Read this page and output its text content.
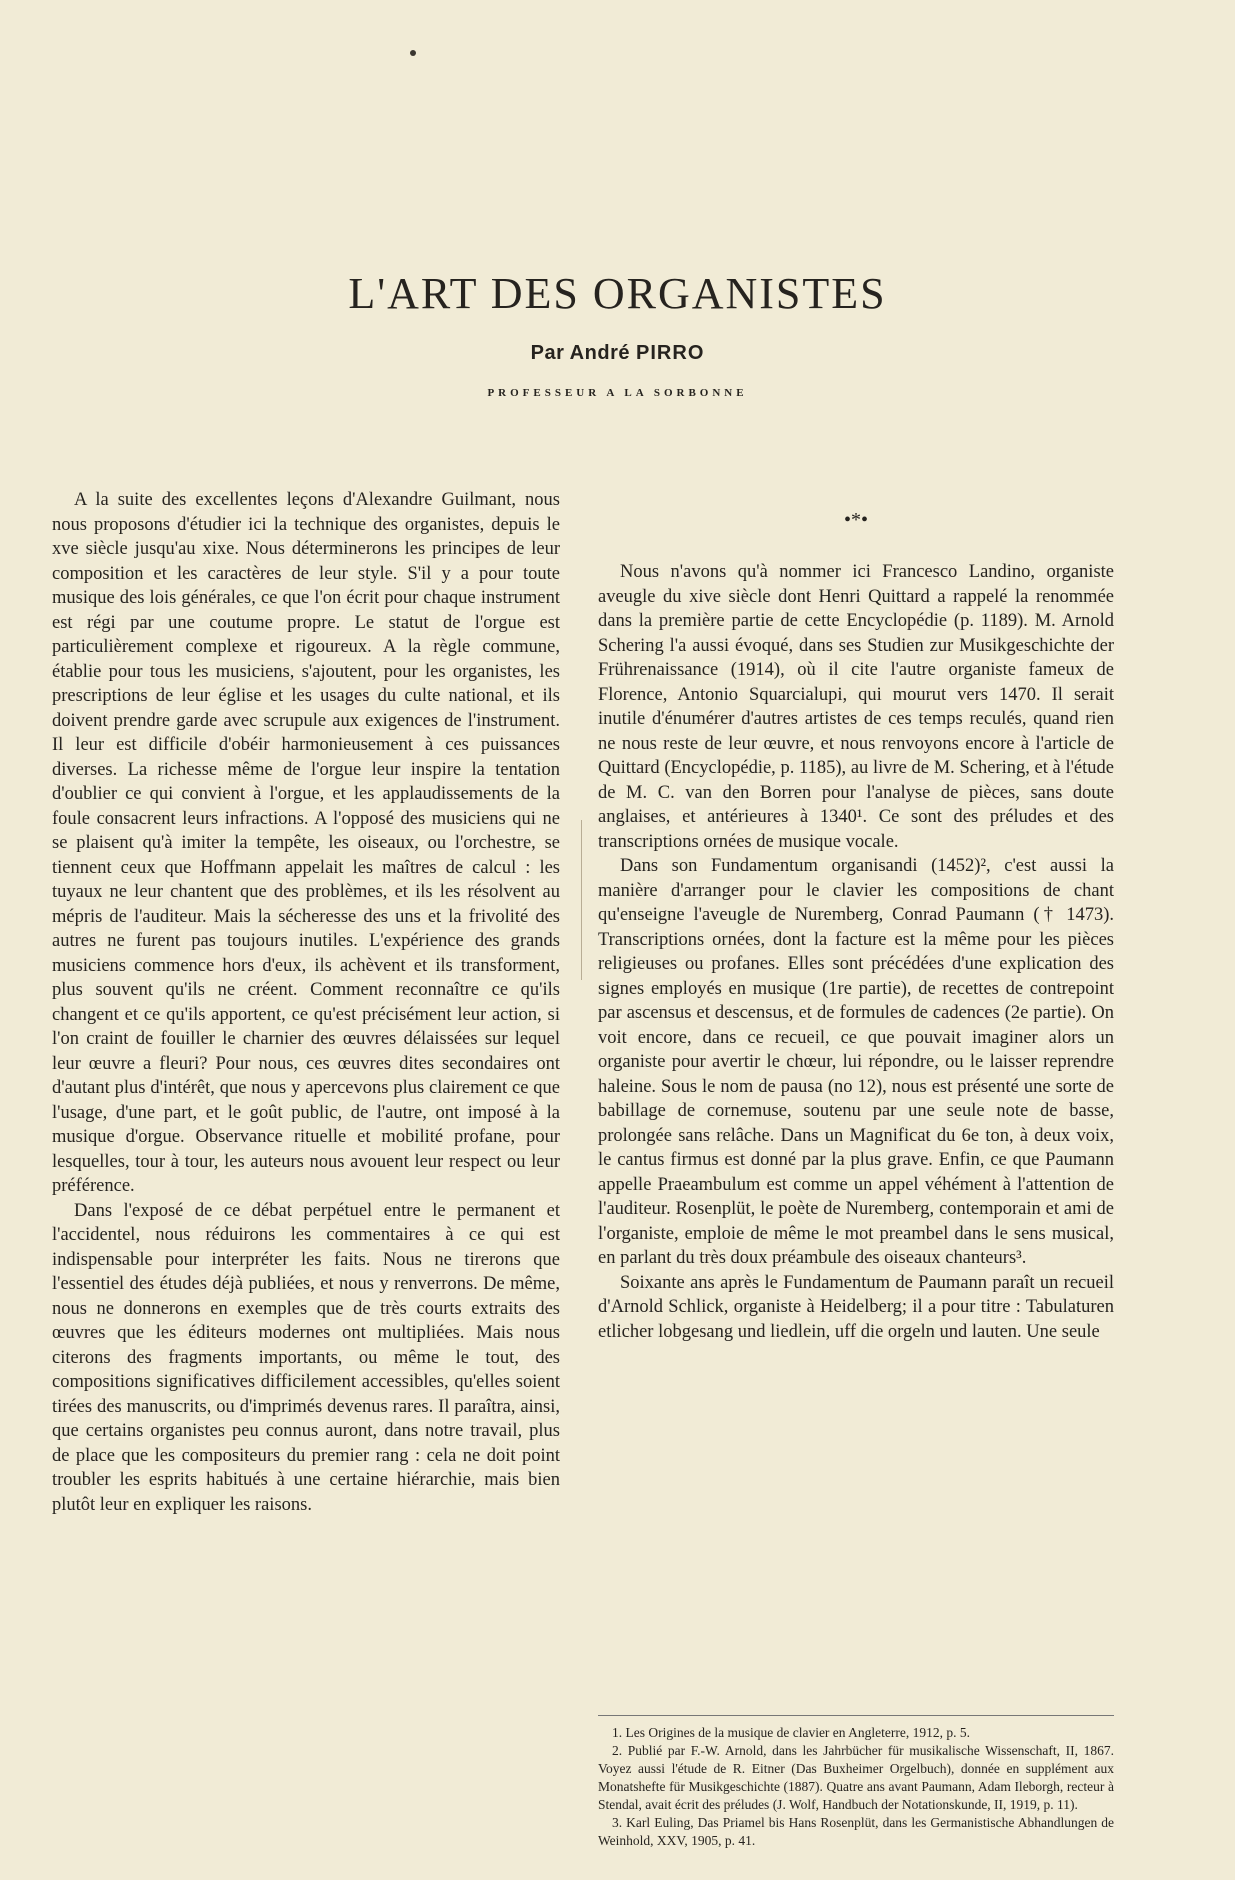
L'ART DES ORGANISTES
Par André PIRRO
PROFESSEUR A LA SORBONNE

A la suite des excellentes leçons d'Alexandre Guilmant, nous nous proposons d'étudier ici la technique des organistes, depuis le xve siècle jusqu'au xixe. Nous déterminerons les principes de leur composition et les caractères de leur style. S'il y a pour toute musique des lois générales, ce que l'on écrit pour chaque instrument est régi par une coutume propre. Le statut de l'orgue est particulièrement complexe et rigoureux. A la règle commune, établie pour tous les musiciens, s'ajoutent, pour les organistes, les prescriptions de leur église et les usages du culte national, et ils doivent prendre garde avec scrupule aux exigences de l'instrument. Il leur est difficile d'obéir harmonieusement à ces puissances diverses. La richesse même de l'orgue leur inspire la tentation d'oublier ce qui convient à l'orgue, et les applaudissements de la foule consacrent leurs infractions. A l'opposé des musiciens qui ne se plaisent qu'à imiter la tempête, les oiseaux, ou l'orchestre, se tiennent ceux que Hoffmann appelait les maîtres de calcul : les tuyaux ne leur chantent que des problèmes, et ils les résolvent au mépris de l'auditeur. Mais la sécheresse des uns et la frivolité des autres ne furent pas toujours inutiles. L'expérience des grands musiciens commence hors d'eux, ils achèvent et ils transforment, plus souvent qu'ils ne créent. Comment reconnaître ce qu'ils changent et ce qu'ils apportent, ce qu'est précisément leur action, si l'on craint de fouiller le charnier des œuvres délaissées sur lequel leur œuvre a fleuri? Pour nous, ces œuvres dites secondaires ont d'autant plus d'intérêt, que nous y apercevons plus clairement ce que l'usage, d'une part, et le goût public, de l'autre, ont imposé à la musique d'orgue. Observance rituelle et mobilité profane, pour lesquelles, tour à tour, les auteurs nous avouent leur respect ou leur préférence.

Dans l'exposé de ce débat perpétuel entre le permanent et l'accidentel, nous réduirons les commentaires à ce qui est indispensable pour interpréter les faits. Nous ne tirerons que l'essentiel des études déjà publiées, et nous y renverrons. De même, nous ne donnerons en exemples que de très courts extraits des œuvres que les éditeurs modernes ont multipliées. Mais nous citerons des fragments importants, ou même le tout, des compositions significatives difficilement accessibles, qu'elles soient tirées des manuscrits, ou d'imprimés devenus rares. Il paraîtra, ainsi, que certains organistes peu connus auront, dans notre travail, plus de place que les compositeurs du premier rang : cela ne doit point troubler les esprits habitués à une certaine hiérarchie, mais bien plutôt leur en expliquer les raisons.

•*•

Nous n'avons qu'à nommer ici Francesco Landino, organiste aveugle du xive siècle dont Henri Quittard a rappelé la renommée dans la première partie de cette Encyclopédie (p. 1189). M. Arnold Schering l'a aussi évoqué, dans ses Studien zur Musikgeschichte der Frührenaissance (1914), où il cite l'autre organiste fameux de Florence, Antonio Squarcialupi, qui mourut vers 1470. Il serait inutile d'énumérer d'autres artistes de ces temps reculés, quand rien ne nous reste de leur œuvre, et nous renvoyons encore à l'article de Quittard (Encyclopédie, p. 1185), au livre de M. Schering, et à l'étude de M. C. van den Borren pour l'analyse de pièces, sans doute anglaises, et antérieures à 1340¹. Ce sont des préludes et des transcriptions ornées de musique vocale.

Dans son Fundamentum organisandi (1452)², c'est aussi la manière d'arranger pour le clavier les compositions de chant qu'enseigne l'aveugle de Nuremberg, Conrad Paumann († 1473). Transcriptions ornées, dont la facture est la même pour les pièces religieuses ou profanes. Elles sont précédées d'une explication des signes employés en musique (1re partie), de recettes de contrepoint par ascensus et descensus, et de formules de cadences (2e partie). On voit encore, dans ce recueil, ce que pouvait imaginer alors un organiste pour avertir le chœur, lui répondre, ou le laisser reprendre haleine. Sous le nom de pausa (no 12), nous est présenté une sorte de babillage de cornemuse, soutenu par une seule note de basse, prolongée sans relâche. Dans un Magnificat du 6e ton, à deux voix, le cantus firmus est donné par la plus grave. Enfin, ce que Paumann appelle Praeambulum est comme un appel véhément à l'attention de l'auditeur. Rosenplüt, le poète de Nuremberg, contemporain et ami de l'organiste, emploie de même le mot preambel dans le sens musical, en parlant du très doux préambule des oiseaux chanteurs³.

Soixante ans après le Fundamentum de Paumann paraît un recueil d'Arnold Schlick, organiste à Heidelberg; il a pour titre : Tabulaturen etlicher lobgesang und liedlein, uff die orgeln und lauten. Une seule

1. Les Origines de la musique de clavier en Angleterre, 1912, p. 5.

2. Publié par F.-W. Arnold, dans les Jahrbücher für musikalische Wissenschaft, II, 1867. Voyez aussi l'étude de R. Eitner (Das Buxheimer Orgelbuch), donnée en supplément aux Monatshefte für Musikgeschichte (1887). Quatre ans avant Paumann, Adam Ileborgh, recteur à Stendal, avait écrit des préludes (J. Wolf, Handbuch der Notationskunde, II, 1919, p. 11).

3. Karl Euling, Das Priamel bis Hans Rosenplüt, dans les Germanistische Abhandlungen de Weinhold, XXV, 1905, p. 41.
